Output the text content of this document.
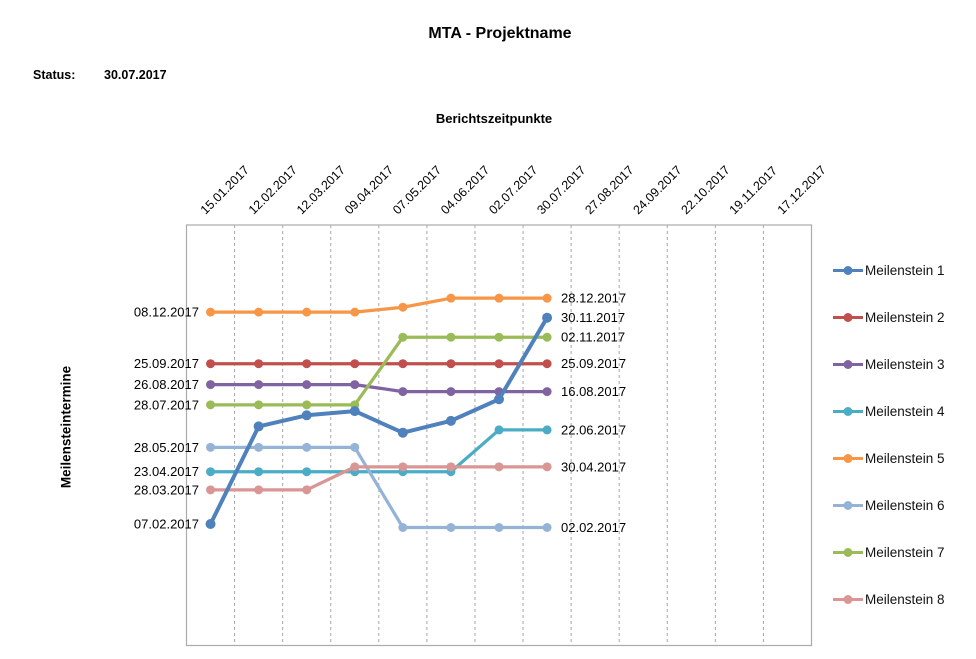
MTA - Projektname
Status: 30.07.2017
Berichtszeitpunkte
Meilensteintermine
15.01.2017
12.02.2017
12.03.2017
09.04.2017
07.05.2017
04.06.2017
02.07.2017
30.07.2017
27.08.2017
24.09.2017
22.10.2017
19.11.2017
17.12.2017
07.02.2017
30.11.2017
25.09.2017	25.09.2017
26.08.2017	16.08.2017
23.04.2017
22.06.2017
08.12.2017
28.12.2017
28.05.2017
02.02.2017
28.07.2017
02.11.2017
28.03.2017
30.04.2017
Meilenstein 1
Meilenstein 2
Meilenstein 3
Meilenstein 4
Meilenstein 5
Meilenstein 6
Meilenstein 7
Meilenstein 8
